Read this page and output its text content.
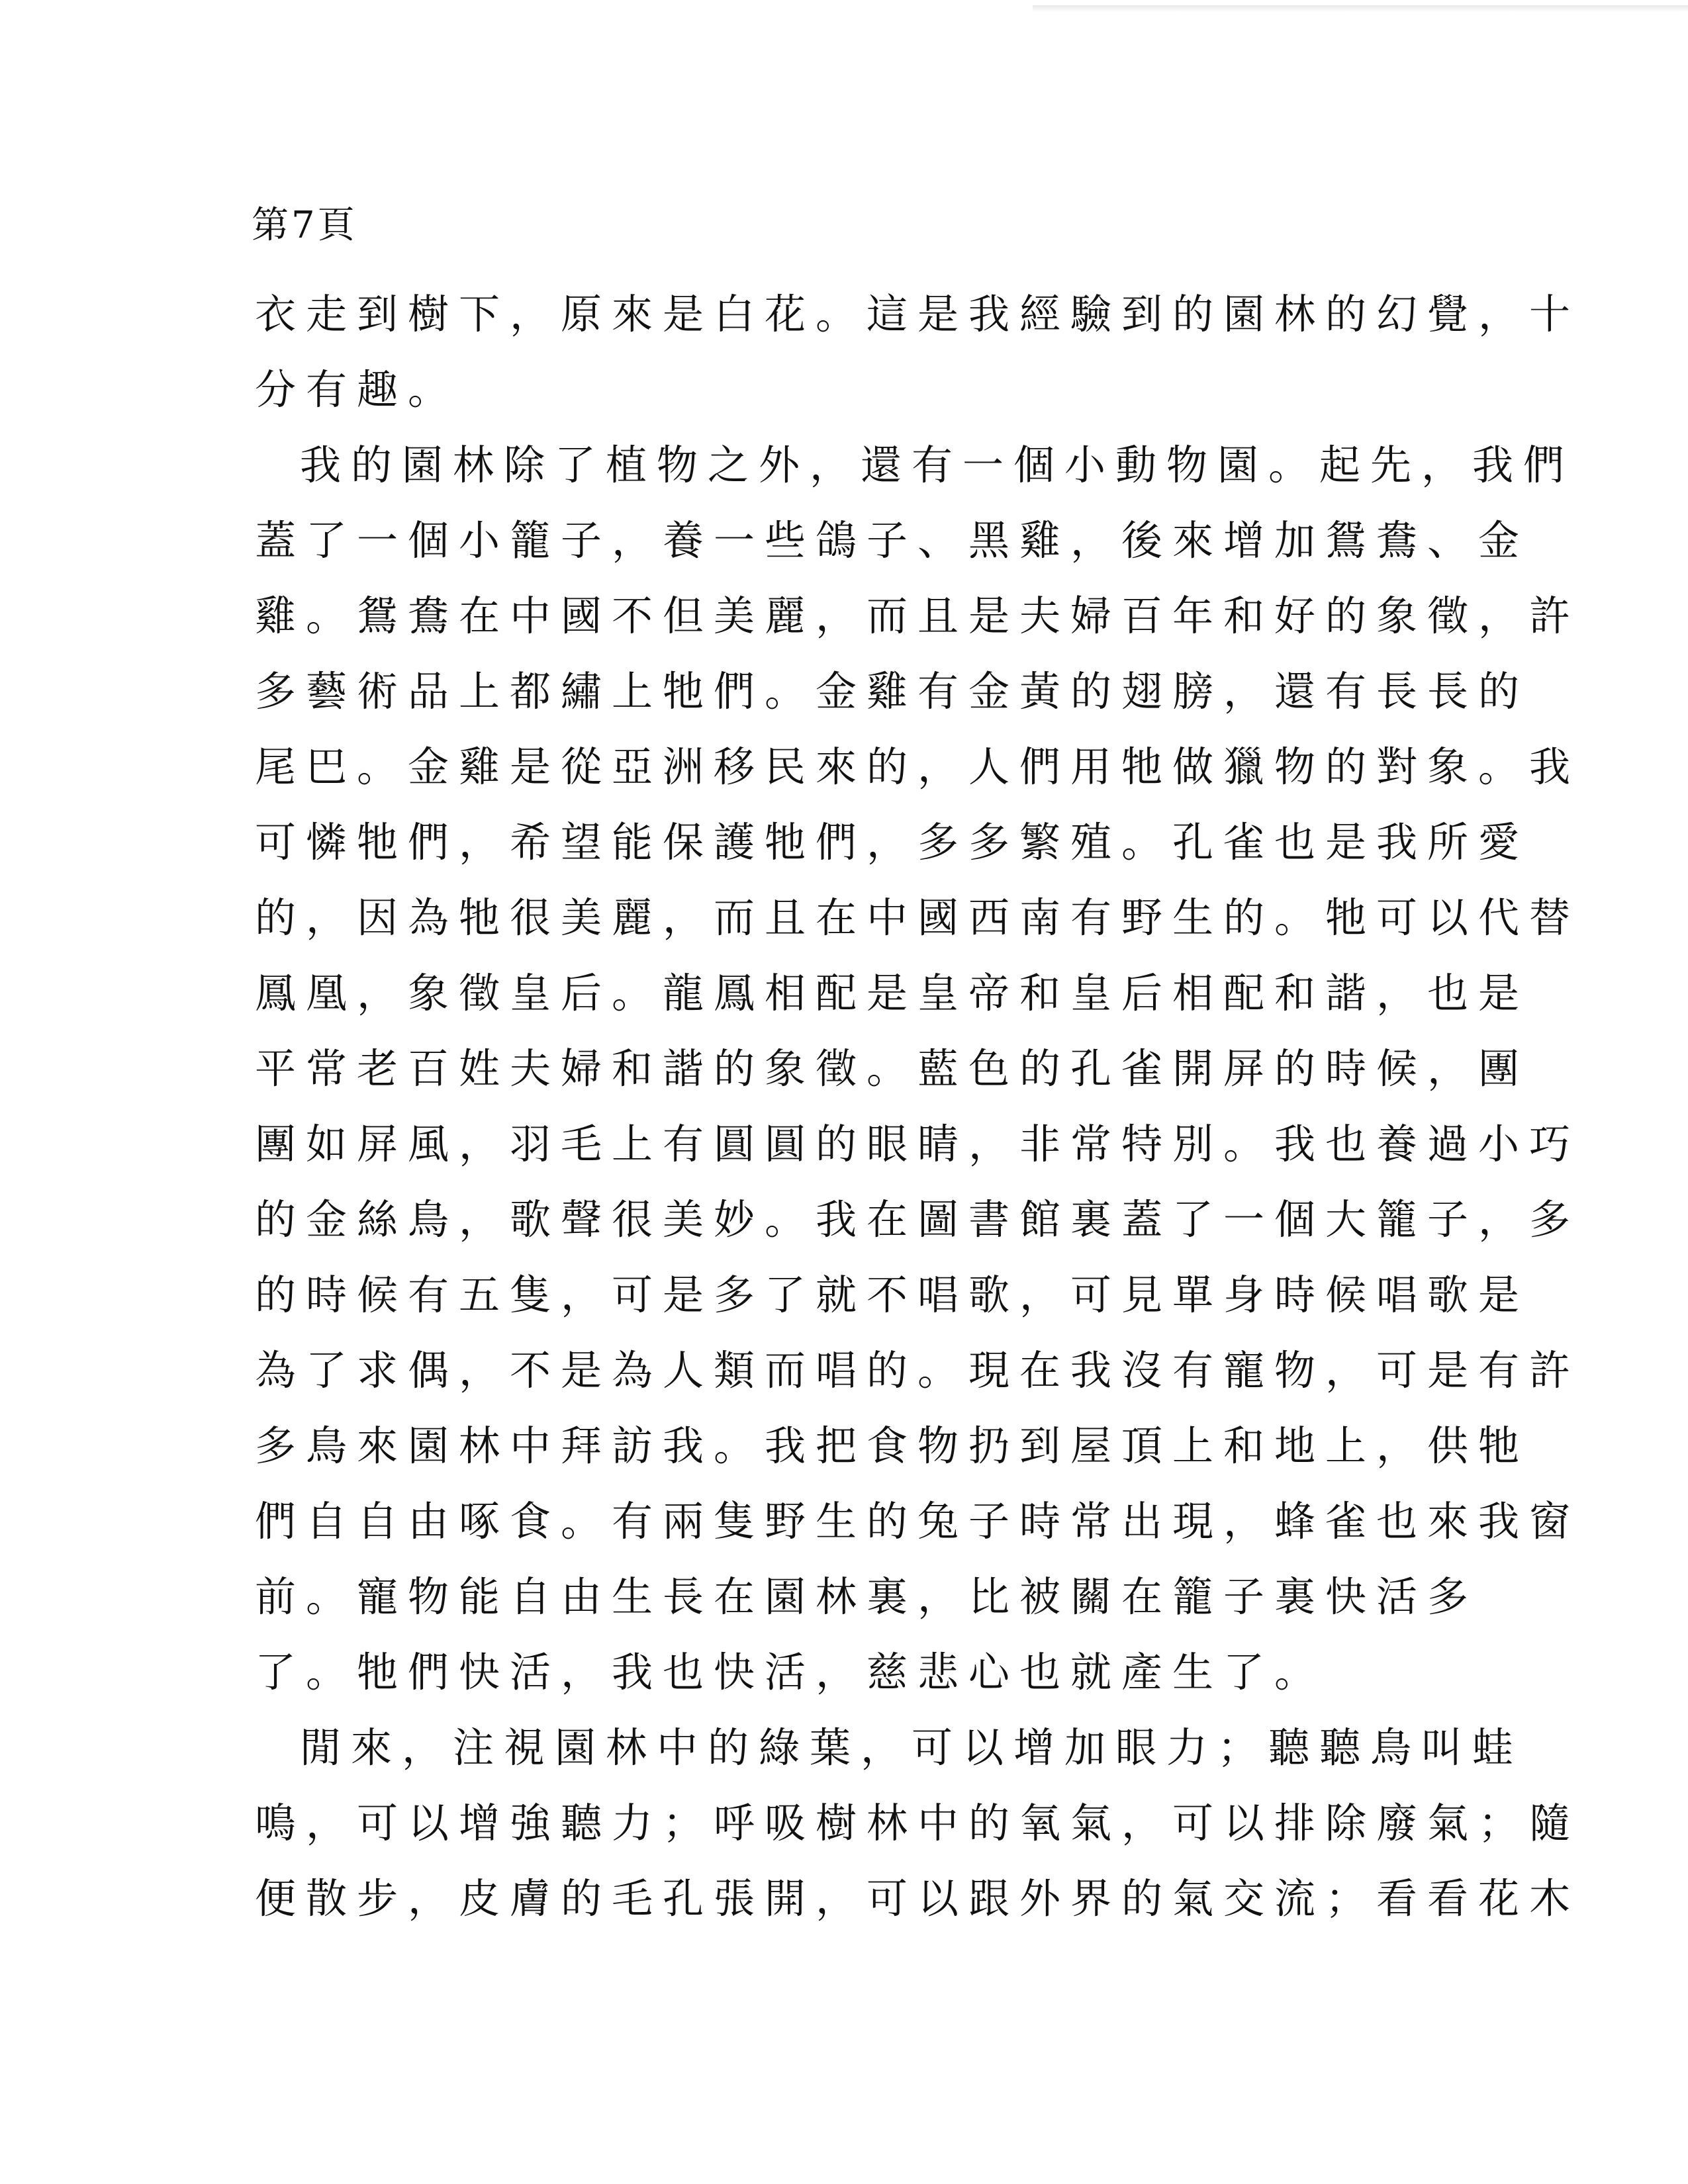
第7頁
衣走到樹下，原來是白花。這是我經驗到的園林的幻覺，十
分有趣。
我的園林除了植物之外，還有一個小動物園。起先，我們
蓋了一個小籠子，養一些鴿子、黑雞，後來增加鴛鴦、金
雞。鴛鴦在中國不但美麗，而且是夫婦百年和好的象徵，許
多藝術品上都繡上牠們。金雞有金黃的翅膀，還有長長的
尾巴。金雞是從亞洲移民來的，人們用牠做獵物的對象。我
可憐牠們，希望能保護牠們，多多繁殖。孔雀也是我所愛
的，因為牠很美麗，而且在中國西南有野生的。牠可以代替
鳳凰，象徵皇后。龍鳳相配是皇帝和皇后相配和諧，也是
平常老百姓夫婦和諧的象徵。藍色的孔雀開屏的時候，團
團如屏風，羽毛上有圓圓的眼睛，非常特別。我也養過小巧
的金絲鳥，歌聲很美妙。我在圖書館裏蓋了一個大籠子，多
的時候有五隻，可是多了就不唱歌，可見單身時候唱歌是
為了求偶，不是為人類而唱的。現在我沒有寵物，可是有許
多鳥來園林中拜訪我。我把食物扔到屋頂上和地上，供牠
們自自由啄食。有兩隻野生的兔子時常出現，蜂雀也來我窗
前。寵物能自由生長在園林裏，比被關在籠子裏快活多
了。牠們快活，我也快活，慈悲心也就產生了。
閒來，注視園林中的綠葉，可以增加眼力；聽聽鳥叫蛙
鳴，可以增強聽力；呼吸樹林中的氧氣，可以排除廢氣；隨
便散步，皮膚的毛孔張開，可以跟外界的氣交流；看看花木
